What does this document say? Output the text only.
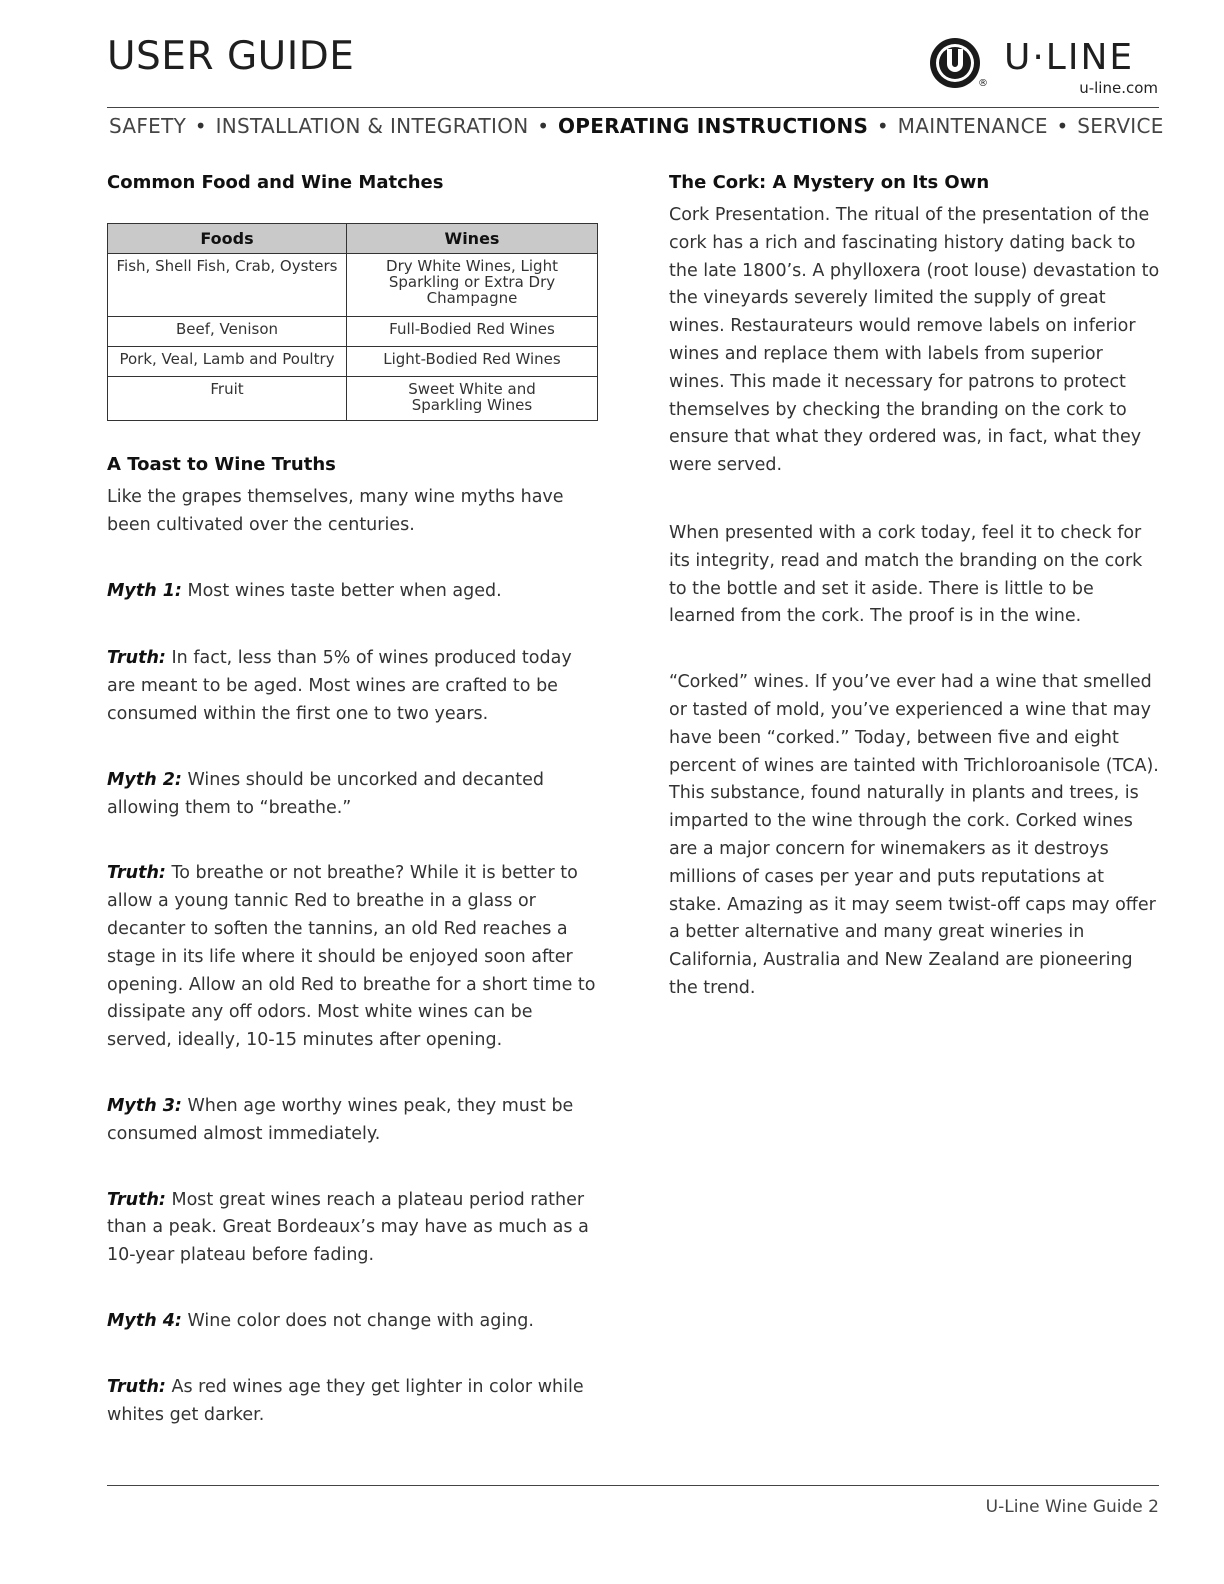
USER GUIDE
®
U·LINE
u-line.com
SAFETY • INSTALLATION & INTEGRATION • OPERATING INSTRUCTIONS • MAINTENANCE • SERVICE
Common Food and Wine Matches
Foods	Wines
Fish, Shell Fish, Crab, Oysters	Dry White Wines, Light Sparkling or Extra Dry Champagne
Beef, Venison	Full-Bodied Red Wines
Pork, Veal, Lamb and Poultry	Light-Bodied Red Wines
Fruit	Sweet White and Sparkling Wines
A Toast to Wine Truths

Like the grapes themselves, many wine myths have been cultivated over the centuries.

Myth 1: Most wines taste better when aged.

Truth: In fact, less than 5% of wines produced today are meant to be aged. Most wines are crafted to be consumed within the first one to two years.

Myth 2: Wines should be uncorked and decanted allowing them to “breathe.”

Truth: To breathe or not breathe? While it is better to allow a young tannic Red to breathe in a glass or decanter to soften the tannins, an old Red reaches a stage in its life where it should be enjoyed soon after opening. Allow an old Red to breathe for a short time to dissipate any off odors. Most white wines can be served, ideally, 10-15 minutes after opening.

Myth 3: When age worthy wines peak, they must be consumed almost immediately.

Truth: Most great wines reach a plateau period rather than a peak. Great Bordeaux’s may have as much as a 10-year plateau before fading.

Myth 4: Wine color does not change with aging.

Truth: As red wines age they get lighter in color while whites get darker.

The Cork: A Mystery on Its Own

Cork Presentation. The ritual of the presentation of the cork has a rich and fascinating history dating back to the late 1800’s. A phylloxera (root louse) devastation to the vineyards severely limited the supply of great wines. Restaurateurs would remove labels on inferior wines and replace them with labels from superior wines. This made it necessary for patrons to protect themselves by checking the branding on the cork to ensure that what they ordered was, in fact, what they were served.

When presented with a cork today, feel it to check for its integrity, read and match the branding on the cork to the bottle and set it aside. There is little to be learned from the cork. The proof is in the wine.

“Corked” wines. If you’ve ever had a wine that smelled or tasted of mold, you’ve experienced a wine that may have been “corked.” Today, between five and eight percent of wines are tainted with Trichloroanisole (TCA). This substance, found naturally in plants and trees, is imparted to the wine through the cork. Corked wines are a major concern for winemakers as it destroys millions of cases per year and puts reputations at stake. Amazing as it may seem twist-off caps may offer a better alternative and many great wineries in California, Australia and New Zealand are pioneering the trend.

U-Line Wine Guide 2
